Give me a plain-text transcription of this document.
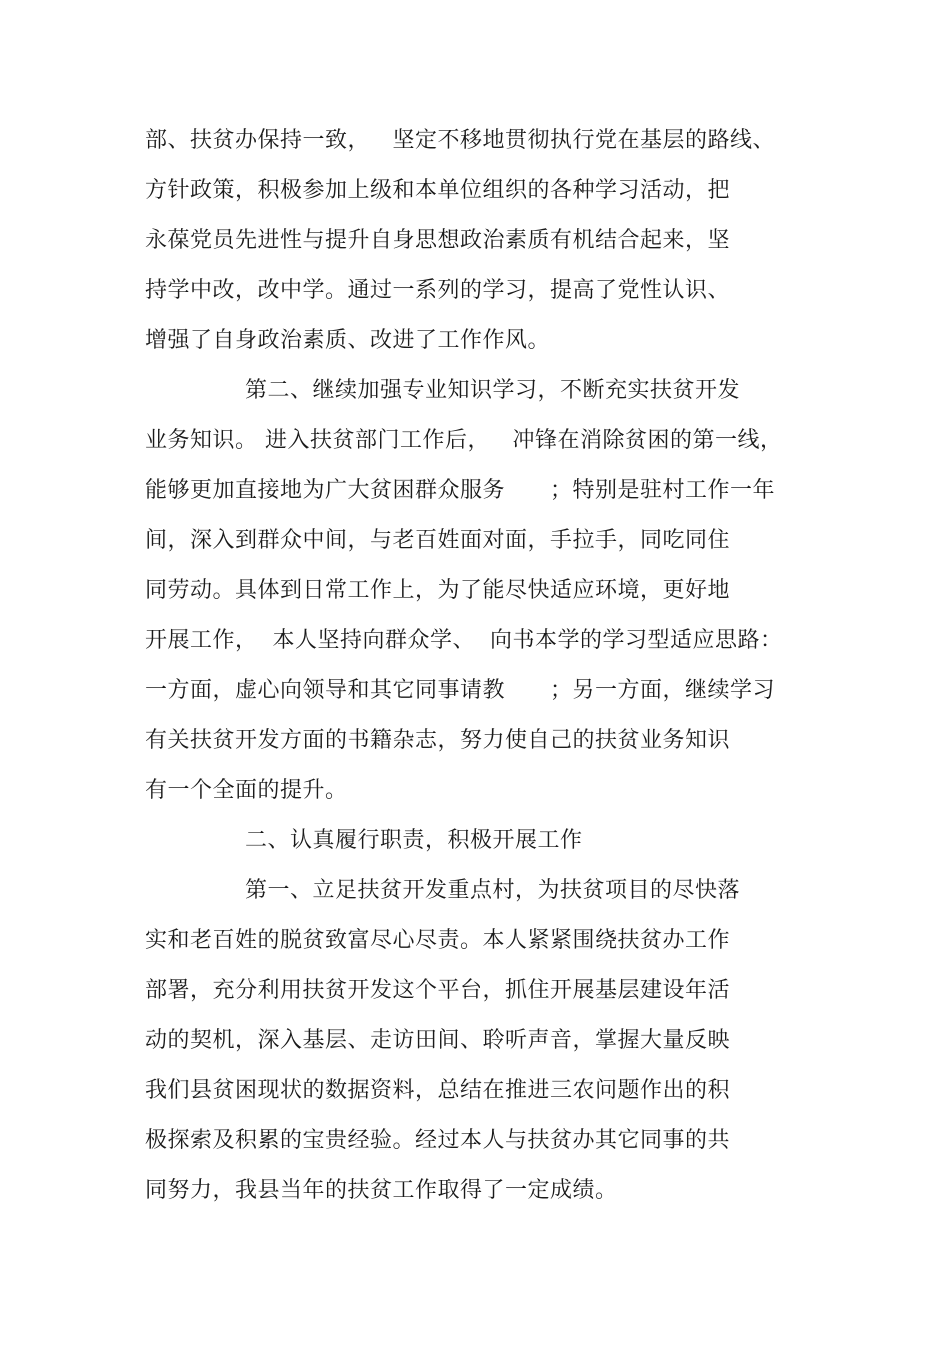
部、扶贫办保持一致，   坚定不移地贯彻执行党在基层的路线、
方针政策，积极参加上级和本单位组织的各种学习活动，把
永葆党员先进性与提升自身思想政治素质有机结合起来，坚
持学中改，改中学。通过一系列的学习，提高了党性认识、
增强了自身政治素质、改进了工作作风。
第二、继续加强专业知识学习，不断充实扶贫开发
业务知识。 进入扶贫部门工作后，   冲锋在消除贫困的第一线，
能够更加直接地为广大贫困群众服务      ；特别是驻村工作一年
间，深入到群众中间，与老百姓面对面，手拉手，同吃同住
同劳动。具体到日常工作上，为了能尽快适应环境，更好地
开展工作，  本人坚持向群众学、  向书本学的学习型适应思路：
一方面，虚心向领导和其它同事请教      ；另一方面，继续学习
有关扶贫开发方面的书籍杂志，努力使自己的扶贫业务知识
有一个全面的提升。
二、认真履行职责，积极开展工作
第一、立足扶贫开发重点村，为扶贫项目的尽快落
实和老百姓的脱贫致富尽心尽责。本人紧紧围绕扶贫办工作
部署，充分利用扶贫开发这个平台，抓住开展基层建设年活
动的契机，深入基层、走访田间、聆听声音，掌握大量反映
我们县贫困现状的数据资料，总结在推进三农问题作出的积
极探索及积累的宝贵经验。经过本人与扶贫办其它同事的共
同努力，我县当年的扶贫工作取得了一定成绩。
